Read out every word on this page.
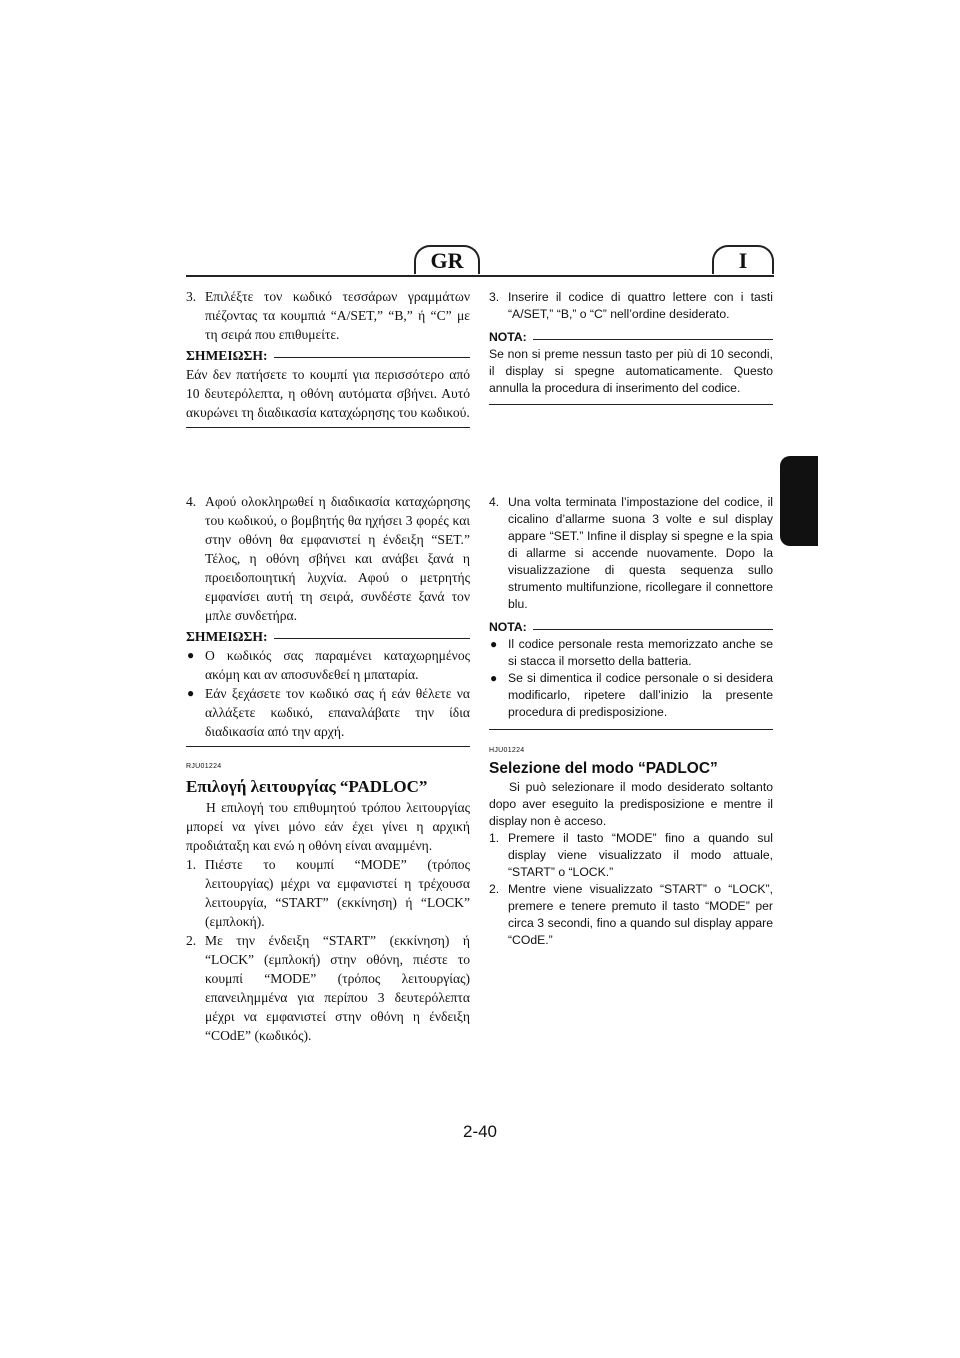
GR	I
3. Επιλέξτε τον κωδικό τεσσάρων γραμμάτων πιέζοντας τα κουμπιά “A/SET,” “B,” ή “C” με τη σειρά που επιθυμείτε.
ΣΗΜΕΙΩΣΗ:

Εάν δεν πατήσετε το κουμπί για περισσότερο από 10 δευτερόλεπτα, η οθόνη αυτόματα σβήνει. Αυτό ακυρώνει τη διαδικασία καταχώρησης του κωδικού.

3. Inserire il codice di quattro lettere con i tasti “A/SET,” “B,” o “C” nell’ordine desiderato.
NOTA:

Se non si preme nessun tasto per più di 10 secondi, il display si spegne automaticamente. Questo annulla la procedura di inserimento del codice.

4. Αφού ολοκληρωθεί η διαδικασία καταχώρησης του κωδικού, ο βομβητής θα ηχήσει 3 φορές και στην οθόνη θα εμφανιστεί η ένδειξη “SET.” Τέλος, η οθόνη σβήνει και ανάβει ξανά η προειδοποιητική λυχνία. Αφού ο μετρητής εμφανίσει αυτή τη σειρά, συνδέστε ξανά τον μπλε συνδετήρα.
ΣΗΜΕΙΩΣΗ:
● Ο κωδικός σας παραμένει καταχωρημένος ακόμη και αν αποσυνδεθεί η μπαταρία.
● Εάν ξεχάσετε τον κωδικό σας ή εάν θέλετε να αλλάξετε κωδικό, επαναλάβατε την ίδια διαδικασία από την αρχή.
RJU01224
Επιλογή λειτουργίας “PADLOC”

Η επιλογή του επιθυμητού τρόπου λειτουργίας μπορεί να γίνει μόνο εάν έχει γίνει η αρχική προδιάταξη και ενώ η οθόνη είναι αναμμένη.

1. Πιέστε το κουμπί “MODE” (τρόπος λειτουργίας) μέχρι να εμφανιστεί η τρέχουσα λειτουργία, “START” (εκκίνηση) ή “LOCK” (εμπλοκή).
2. Με την ένδειξη “START” (εκκίνηση) ή “LOCK” (εμπλοκή) στην οθόνη, πιέστε το κουμπί “MODE” (τρόπος λειτουργίας) επανειλημμένα για περίπου 3 δευτερόλεπτα μέχρι να εμφανιστεί στην οθόνη η ένδειξη “COdE” (κωδικός).
4. Una volta terminata l’impostazione del codice, il cicalino d’allarme suona 3 volte e sul display appare “SET.” Infine il display si spegne e la spia di allarme si accende nuovamente. Dopo la visualizzazione di questa sequenza sullo strumento multifunzione, ricollegare il connettore blu.
NOTA:
● Il codice personale resta memorizzato anche se si stacca il morsetto della batteria.
● Se si dimentica il codice personale o si desidera modificarlo, ripetere dall’inizio la presente procedura di predisposizione.
HJU01224
Selezione del modo “PADLOC”

Si può selezionare il modo desiderato soltanto dopo aver eseguito la predisposizione e mentre il display non è acceso.

1. Premere il tasto “MODE” fino a quando sul display viene visualizzato il modo attuale, “START” o “LOCK.”
2. Mentre viene visualizzato “START” o “LOCK”, premere e tenere premuto il tasto “MODE” per circa 3 secondi, fino a quando sul display appare “COdE.”
2-40
